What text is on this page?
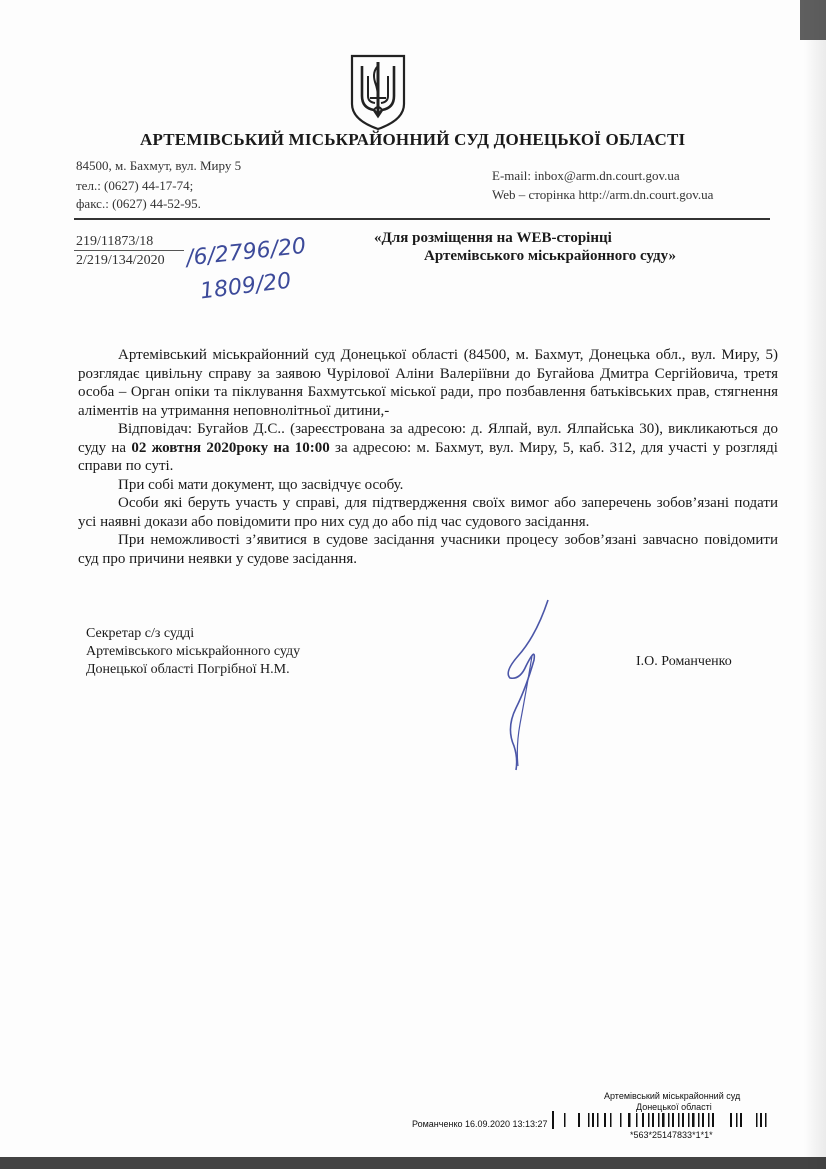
АРТЕМІВСЬКИЙ МІСЬКРАЙОННИЙ СУД ДОНЕЦЬКОЇ ОБЛАСТІ
84500, м. Бахмут, вул. Миру 5
тел.: (0627) 44-17-74;
факс.: (0627) 44-52-95.
E-mail: inbox@arm.dn.court.gov.ua
Web – сторінка http://arm.dn.court.gov.ua
219/11873/18
2/219/134/2020 /6/2796/20
1809/20
«Для розміщення на WEB-сторінці
Артемівського міськрайонного суду»

Артемівський міськрайонний суд Донецької області (84500, м. Бахмут, Донецька обл., вул. Миру, 5) розглядає цивільну справу за заявою Чурілової Аліни Валеріївни до Бугайова Дмитра Сергійовича, третя особа – Орган опіки та піклування Бахмутської міської ради, про позбавлення батьківських прав, стягнення аліментів на утримання неповнолітньої дитини,-

Відповідач: Бугайов Д.С.. (зареєстрована за адресою: д. Ялпай, вул. Ялпайська 30), викликаються до суду на 02 жовтня 2020року на 10:00 за адресою: м. Бахмут, вул. Миру, 5, каб. 312, для участі у розгляді справи по суті.

При собі мати документ, що засвідчує особу.

Особи які беруть участь у справі, для підтвердження своїх вимог або заперечень зобов’язані подати усі наявні докази або повідомити про них суд до або під час судового засідання.

При неможливості з’явитися в судове засідання учасники процесу зобов’язані завчасно повідомити суд про причини неявки у судове засідання.

Секретар с/з судді
Артемівського міськрайонного суду
Донецької області Погрібної Н.М.
І.О. Романченко
Артемівський міськрайонний суд
Донецької області
Романченко 16.09.2020 13:13:27
*563*25147833*1*1*
